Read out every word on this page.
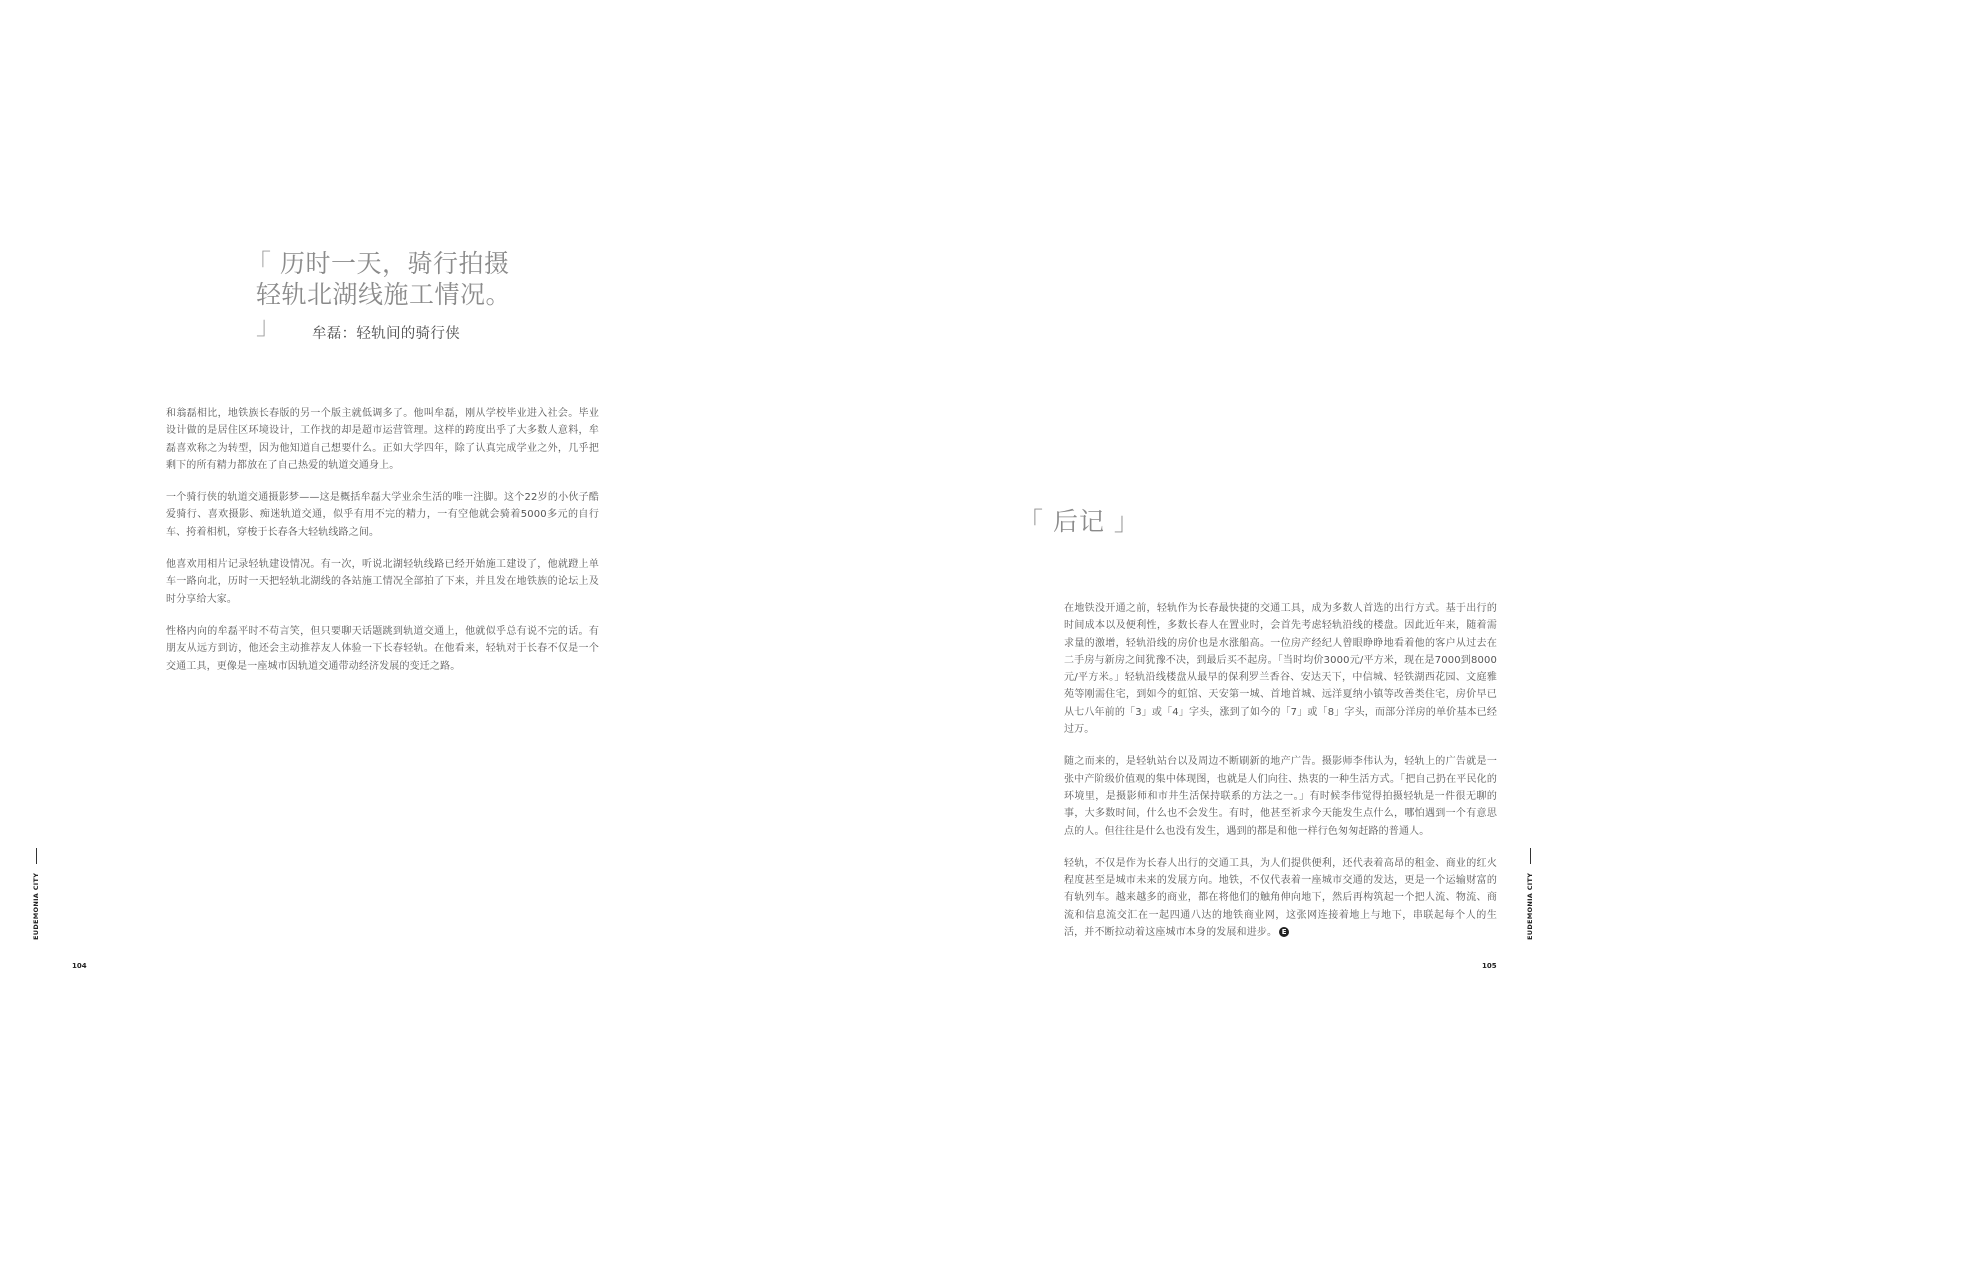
「 历时一天，骑行拍摄
轻轨北湖线施工情况。 」	牟磊：轻轨间的骑行侠

和翁磊相比，地铁族长春版的另一个版主就低调多了。他叫牟磊，刚从学校毕业进入社会。毕业设计做的是居住区环境设计，工作找的却是超市运营管理。这样的跨度出乎了大多数人意料，牟磊喜欢称之为转型，因为他知道自己想要什么。正如大学四年，除了认真完成学业之外，几乎把剩下的所有精力都放在了自己热爱的轨道交通身上。

一个骑行侠的轨道交通摄影梦——这是概括牟磊大学业余生活的唯一注脚。这个22岁的小伙子酷爱骑行、喜欢摄影、痴迷轨道交通，似乎有用不完的精力，一有空他就会骑着5000多元的自行车、挎着相机，穿梭于长春各大轻轨线路之间。

他喜欢用相片记录轻轨建设情况。有一次，听说北湖轻轨线路已经开始施工建设了，他就蹬上单车一路向北，历时一天把轻轨北湖线的各站施工情况全部拍了下来，并且发在地铁族的论坛上及时分享给大家。

性格内向的牟磊平时不苟言笑，但只要聊天话题跳到轨道交通上，他就似乎总有说不完的话。有朋友从远方到访，他还会主动推荐友人体验一下长春轻轨。在他看来，轻轨对于长春不仅是一个交通工具，更像是一座城市因轨道交通带动经济发展的变迁之路。

EUDEMONIA CITY
104
「 后记 」

在地铁没开通之前，轻轨作为长春最快捷的交通工具，成为多数人首选的出行方式。基于出行的时间成本以及便利性，多数长春人在置业时，会首先考虑轻轨沿线的楼盘。因此近年来，随着需求量的激增，轻轨沿线的房价也是水涨船高。一位房产经纪人曾眼睁睁地看着他的客户从过去在二手房与新房之间犹豫不决，到最后买不起房。「当时均价3000元/平方米，现在是7000到8000元/平方米。」轻轨沿线楼盘从最早的保利罗兰香谷、安达天下，中信城、轻铁湖西花园、文庭雅苑等刚需住宅，到如今的虹馆、天安第一城、首地首城、远洋夏纳小镇等改善类住宅，房价早已从七八年前的「3」或「4」字头，涨到了如今的「7」或「8」字头，而部分洋房的单价基本已经过万。

随之而来的，是轻轨站台以及周边不断刷新的地产广告。摄影师李伟认为，轻轨上的广告就是一张中产阶级价值观的集中体现图，也就是人们向往、热衷的一种生活方式。「把自己扔在平民化的环境里，是摄影师和市井生活保持联系的方法之一。」有时候李伟觉得拍摄轻轨是一件很无聊的事，大多数时间，什么也不会发生。有时，他甚至祈求今天能发生点什么，哪怕遇到一个有意思点的人。但往往是什么也没有发生，遇到的都是和他一样行色匆匆赶路的普通人。

轻轨，不仅是作为长春人出行的交通工具，为人们提供便利，还代表着高昂的租金、商业的红火程度甚至是城市未来的发展方向。地铁，不仅代表着一座城市交通的发达，更是一个运输财富的有轨列车。越来越多的商业，都在将他们的触角伸向地下，然后再构筑起一个把人流、物流、商流和信息流交汇在一起四通八达的地铁商业网，这张网连接着地上与地下，串联起每个人的生活，并不断拉动着这座城市本身的发展和进步。 E	EUDEMONIA CITY
105
